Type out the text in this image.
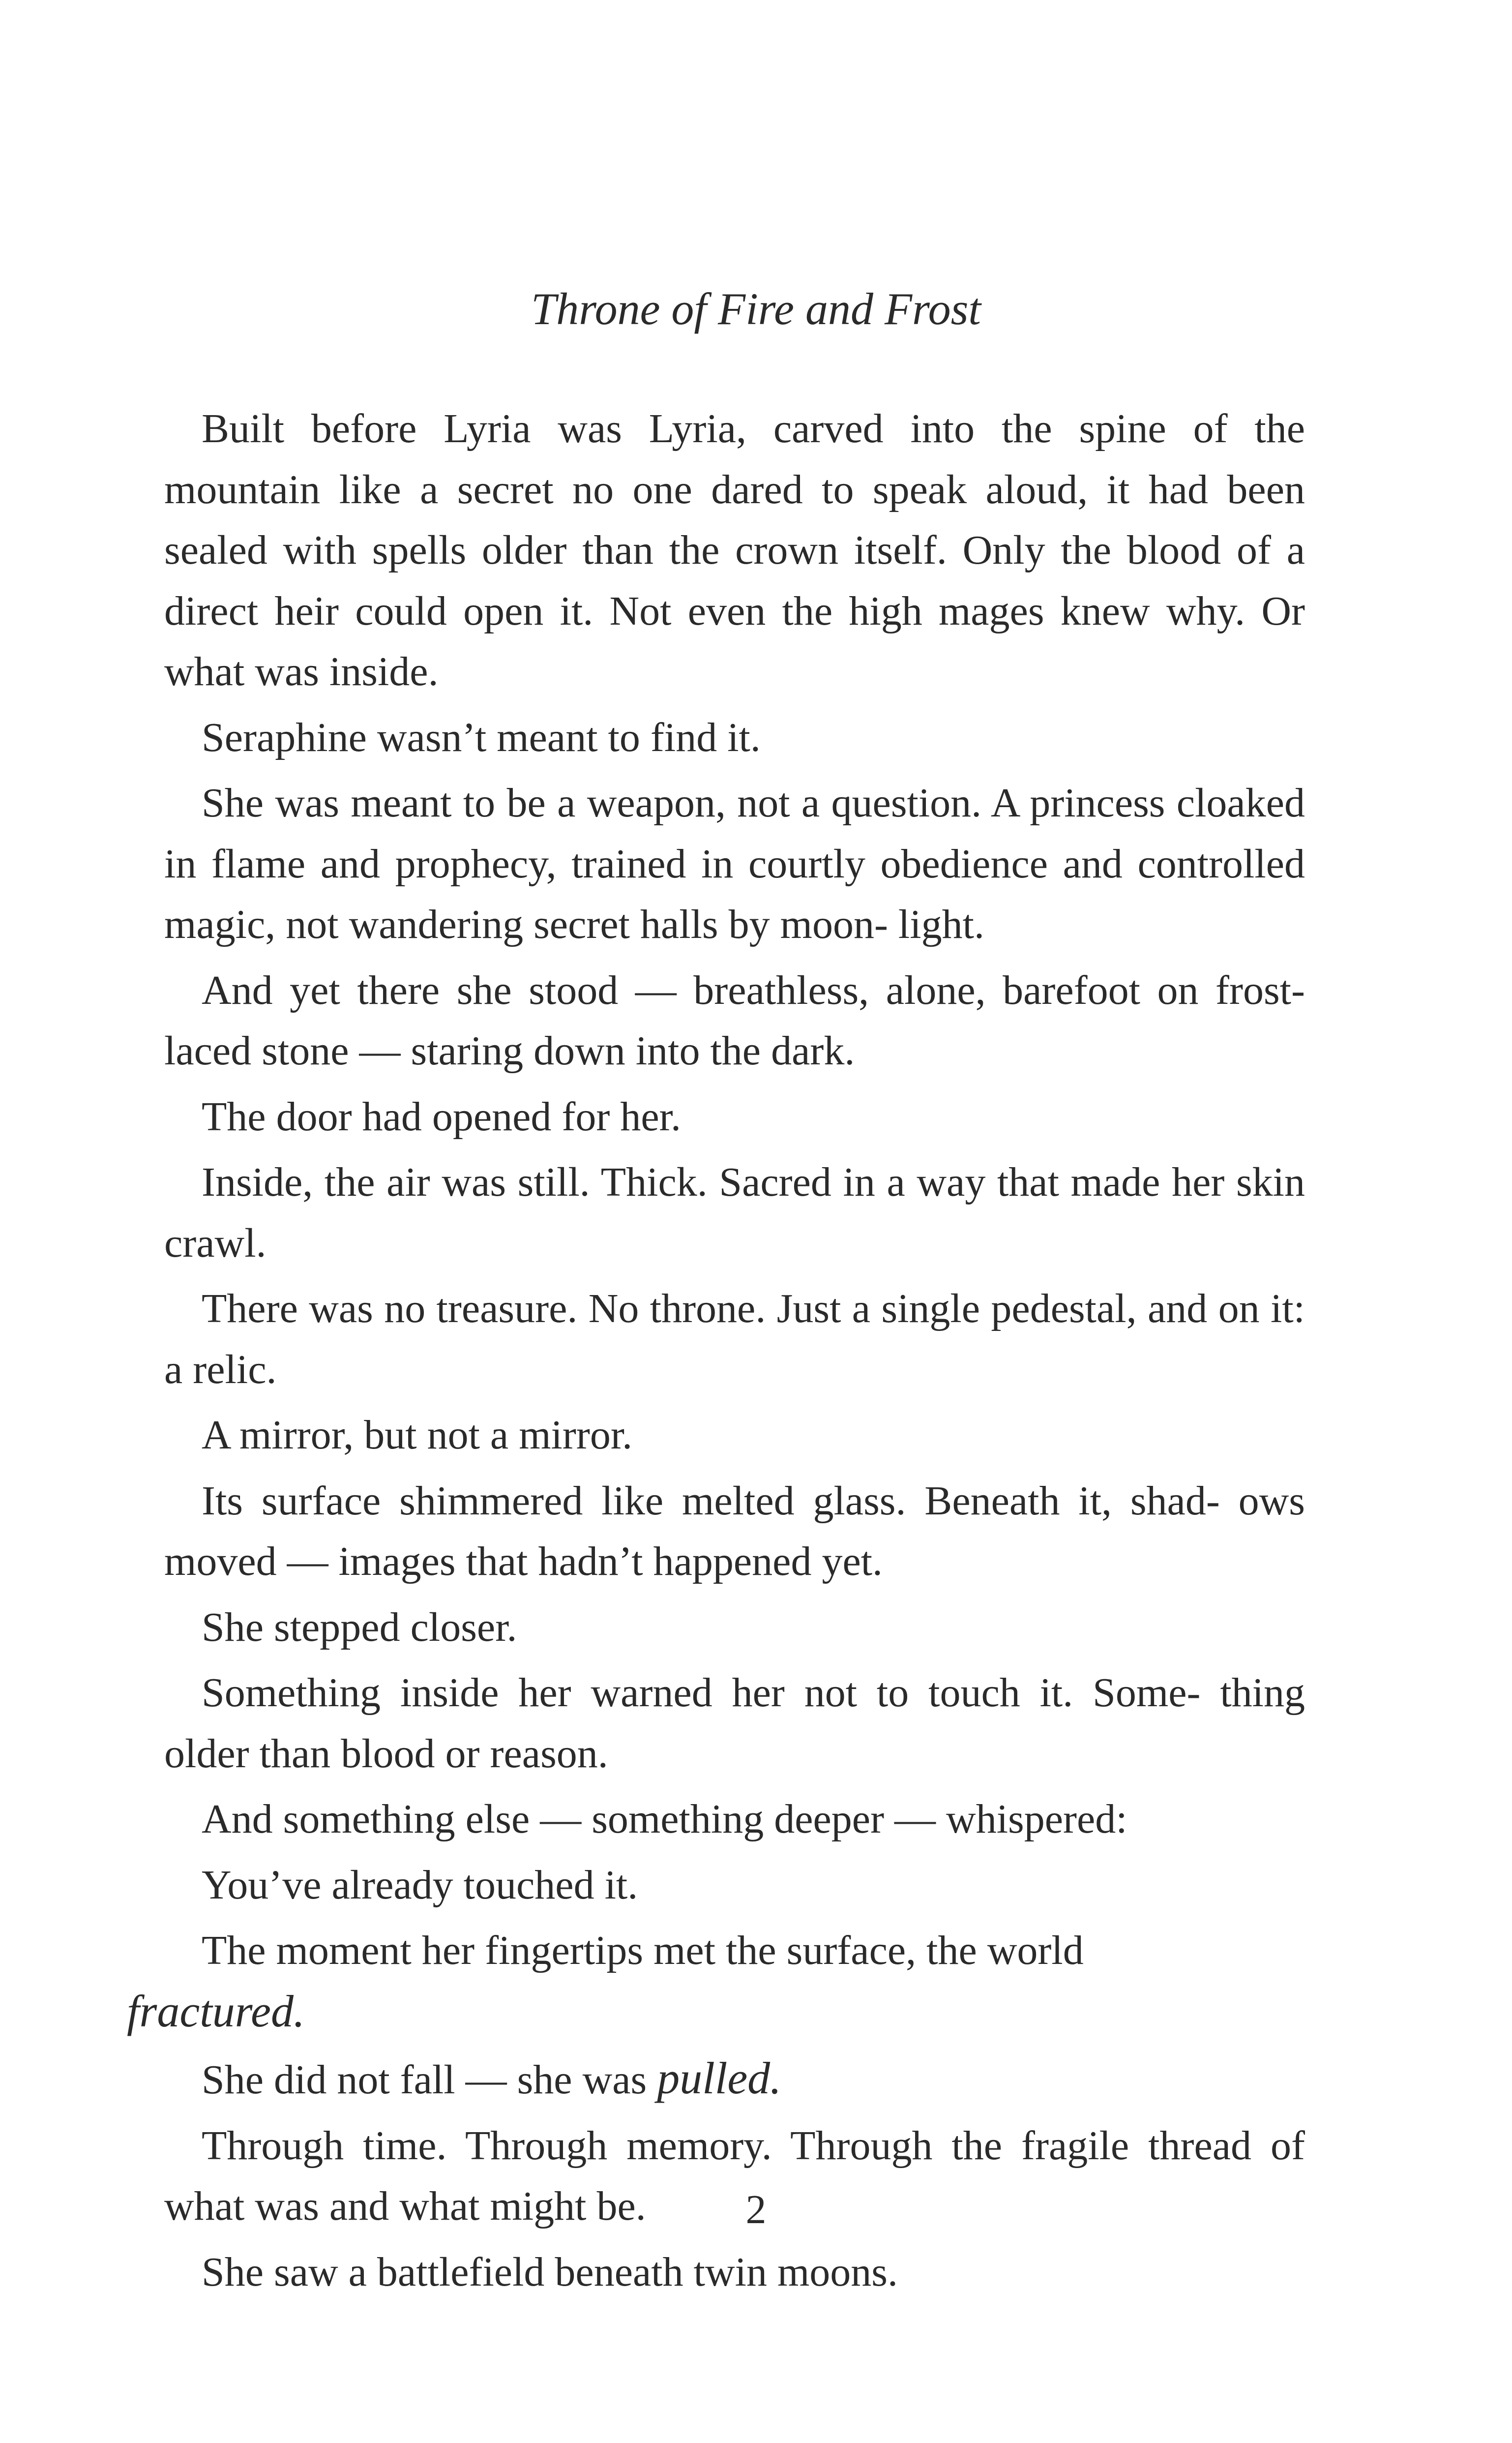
Throne of Fire and Frost

Built before Lyria was Lyria, carved into the spine of the mountain like a secret no one dared to speak aloud, it had been sealed with spells older than the crown itself. Only the blood of a direct heir could open it. Not even the high mages knew why. Or what was inside.

Seraphine wasn’t meant to find it.

She was meant to be a weapon, not a question. A princess cloaked in flame and prophecy, trained in courtly obedience and controlled magic, not wandering secret halls by moon- light.

And yet there she stood — breathless, alone, barefoot on frost-laced stone — staring down into the dark.

The door had opened for her.

Inside, the air was still. Thick. Sacred in a way that made her skin crawl.

There was no treasure. No throne. Just a single pedestal, and on it: a relic.

A mirror, but not a mirror.

Its surface shimmered like melted glass. Beneath it, shad- ows moved — images that hadn’t happened yet.

She stepped closer.

Something inside her warned her not to touch it. Some- thing older than blood or reason.

And something else — something deeper — whispered:

You’ve already touched it.

The moment her fingertips met the surface, the world
fractured.

She did not fall — she was pulled.

Through time. Through memory. Through the fragile thread of what was and what might be.

She saw a battlefield beneath twin moons.

2
